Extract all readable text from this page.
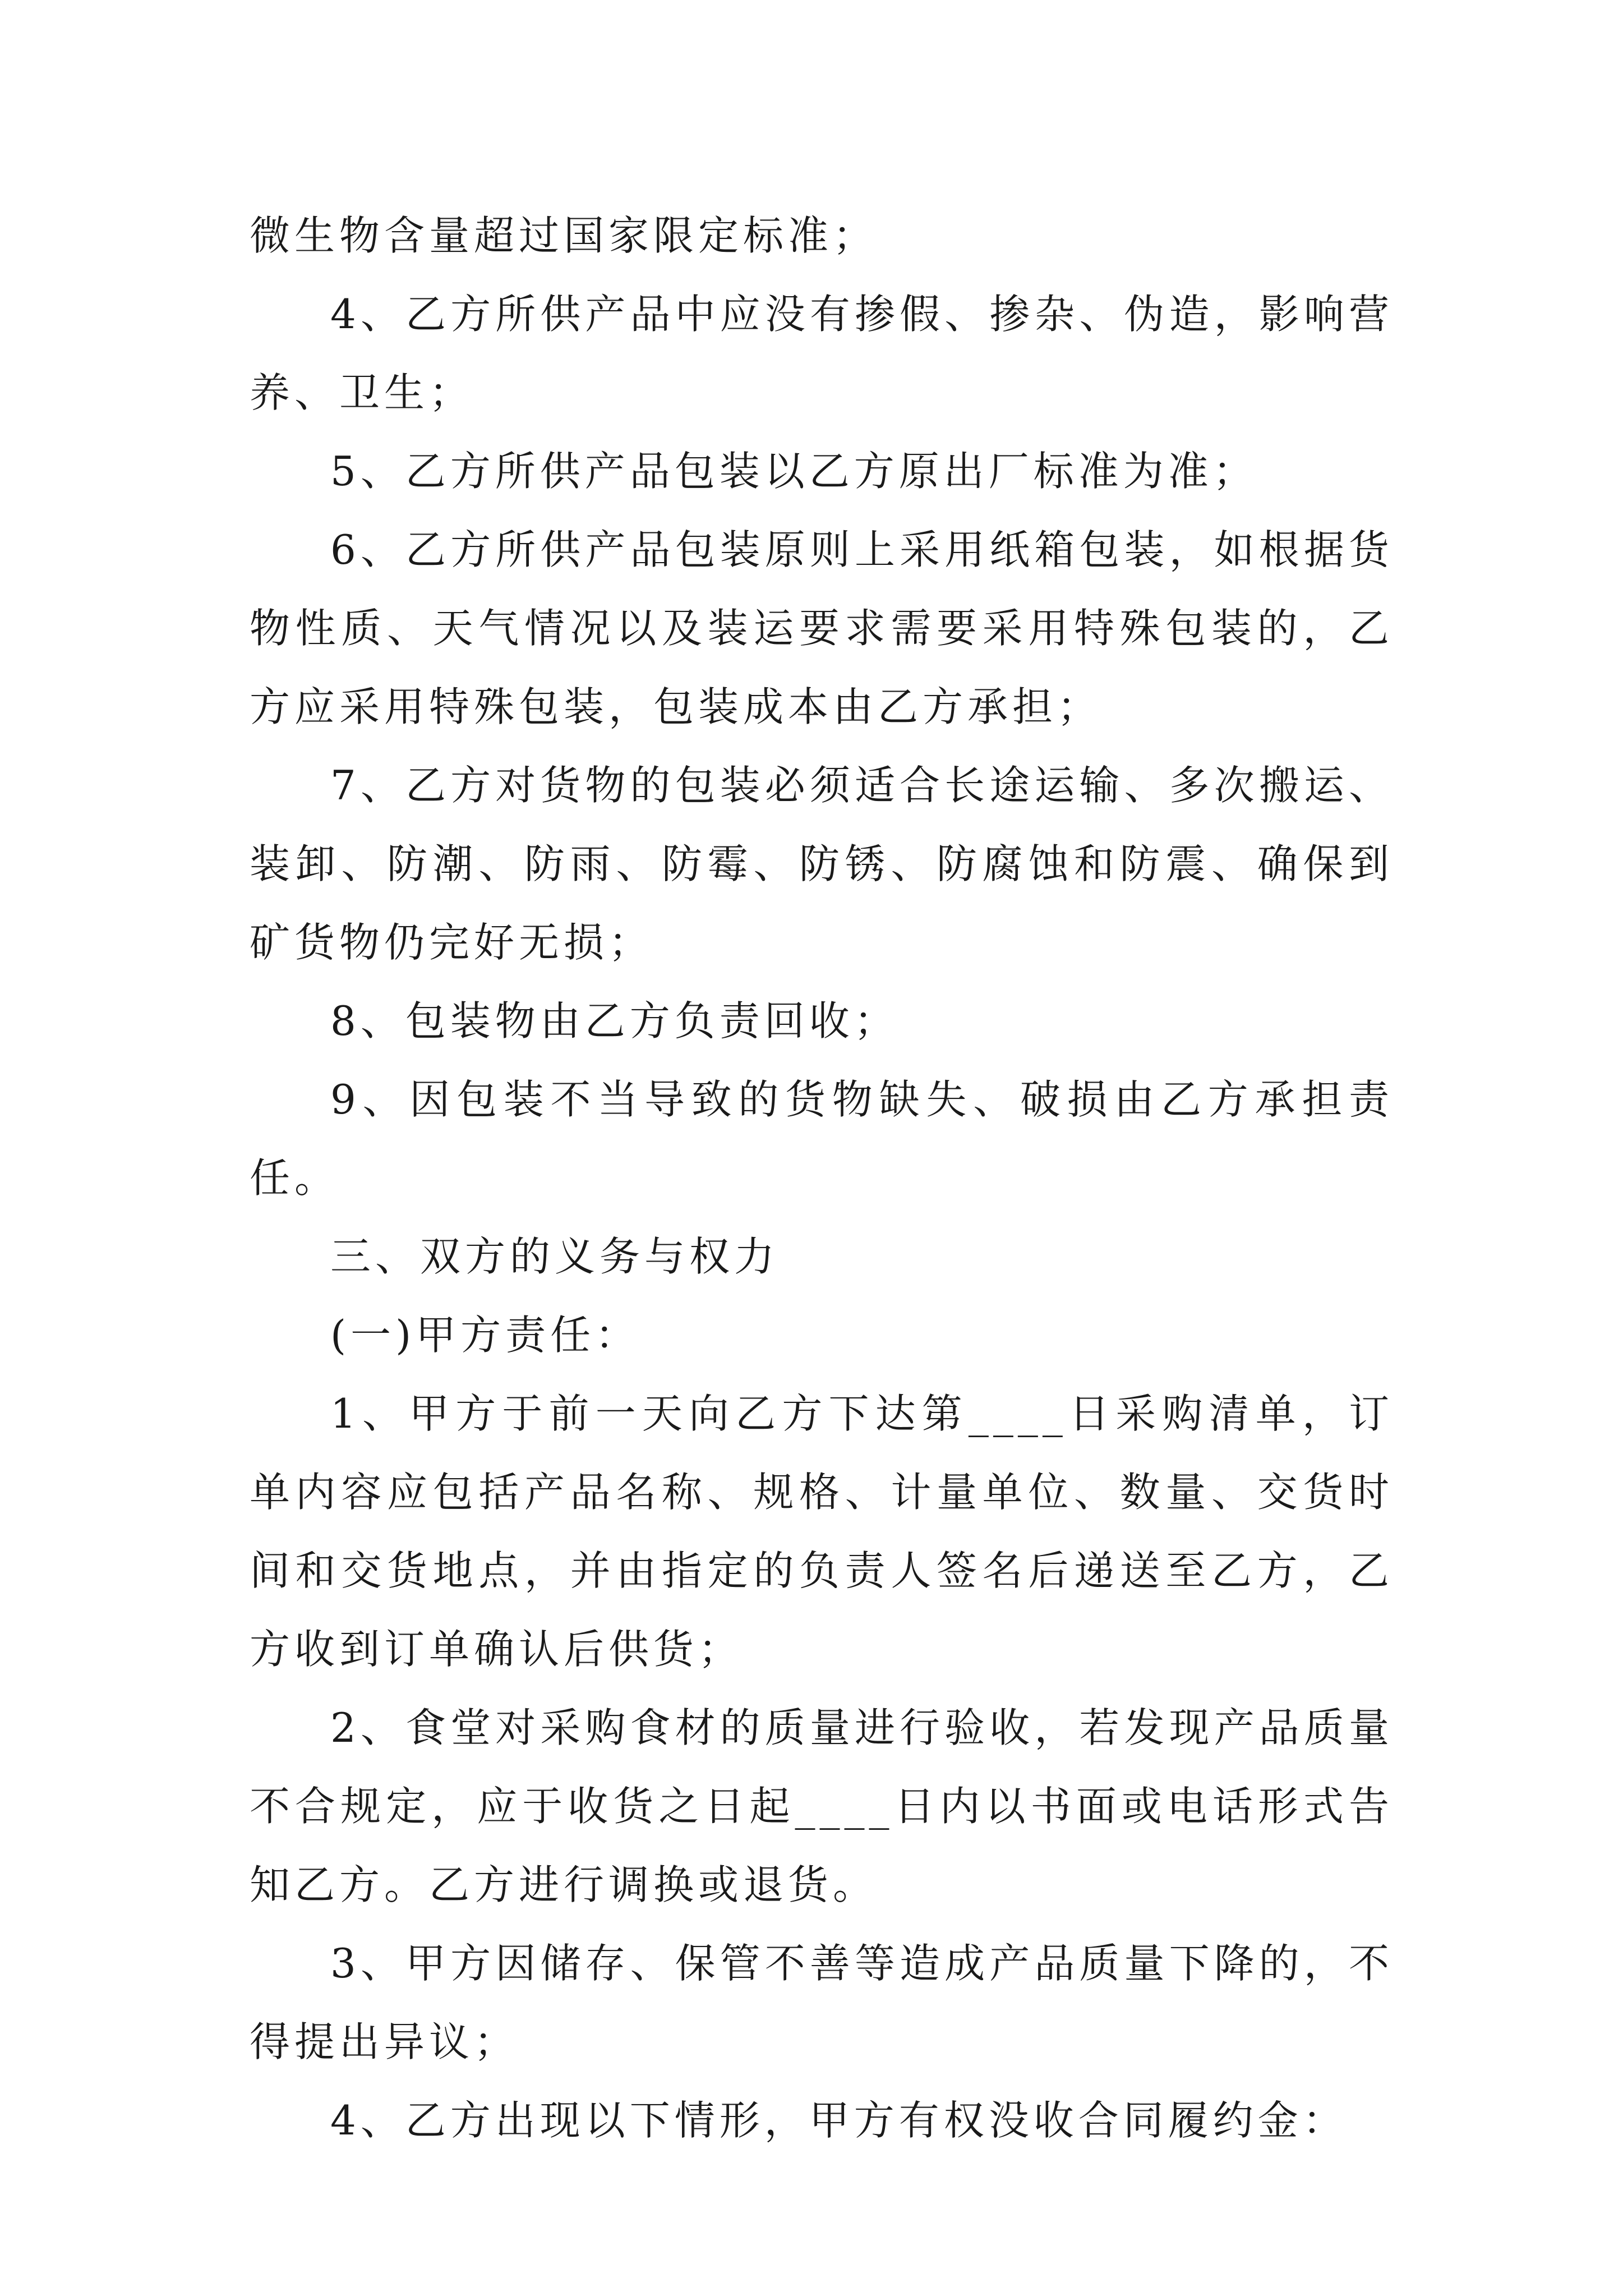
微生物含量超过国家限定标准；

4、乙方所供产品中应没有掺假、掺杂、伪造，影响营养、卫生；

5、乙方所供产品包装以乙方原出厂标准为准；

6、乙方所供产品包装原则上采用纸箱包装，如根据货物性质、天气情况以及装运要求需要采用特殊包装的，乙方应采用特殊包装，包装成本由乙方承担；

7、乙方对货物的包装必须适合长途运输、多次搬运、装卸、防潮、防雨、防霉、防锈、防腐蚀和防震、确保到矿货物仍完好无损；

8、包装物由乙方负责回收；

9、因包装不当导致的货物缺失、破损由乙方承担责任。

三、双方的义务与权力

(一)甲方责任：

1、甲方于前一天向乙方下达第____日采购清单，订单内容应包括产品名称、规格、计量单位、数量、交货时间和交货地点，并由指定的负责人签名后递送至乙方，乙方收到订单确认后供货；

2、食堂对采购食材的质量进行验收，若发现产品质量不合规定，应于收货之日起____日内以书面或电话形式告知乙方。乙方进行调换或退货。

3、甲方因储存、保管不善等造成产品质量下降的，不得提出异议；

4、乙方出现以下情形，甲方有权没收合同履约金：
